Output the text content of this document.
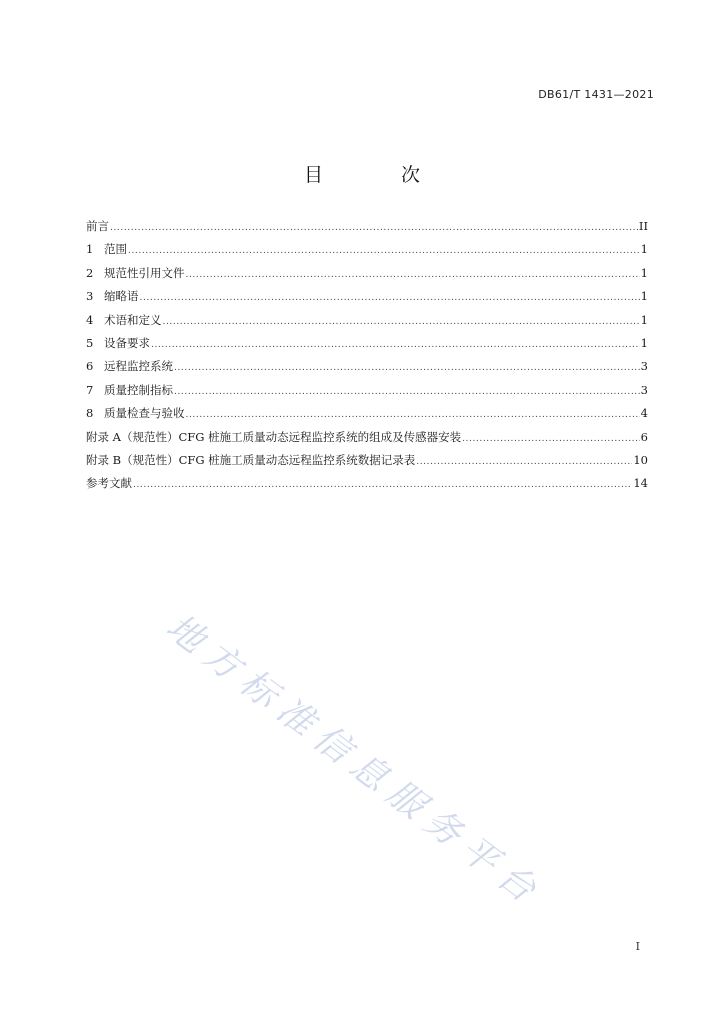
DB61/T 1431—2021
目 次
前言 .....	II
1 范围 .....	1
2 规范性引用文件 .....	1
3 缩略语 .....	1
4 术语和定义 .....	1
5 设备要求 .....	1
6 远程监控系统 .....	3
7 质量控制指标 .....	3
8 质量检查与验收 .....	4
附录 A（规范性）CFG 桩施工质量动态远程监控系统的组成及传感器安装 .....	6
附录 B（规范性）CFG 桩施工质量动态远程监控系统数据记录表 .....	10
参考文献 .....	14
地方标准信息服务平台
I
